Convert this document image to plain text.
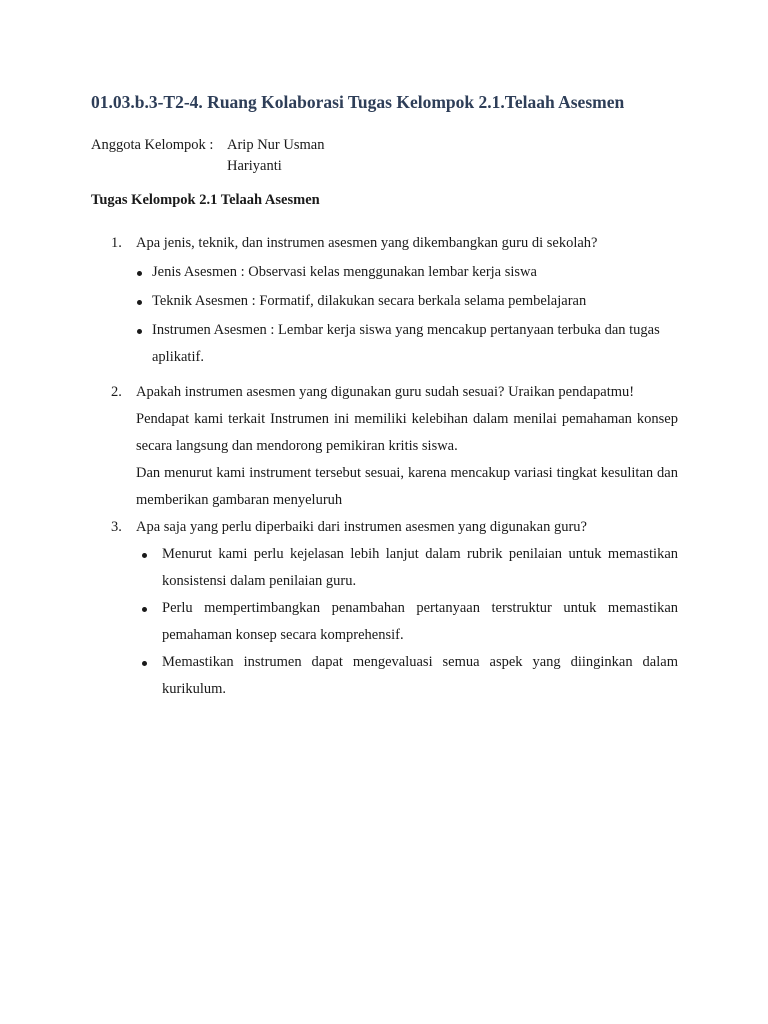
01.03.b.3-T2-4. Ruang Kolaborasi Tugas Kelompok 2.1.Telaah Asesmen
Anggota Kelompok : Arip Nur Usman
Hariyanti
Tugas Kelompok 2.1 Telaah Asesmen
1. Apa jenis, teknik, dan instrumen asesmen yang dikembangkan guru di sekolah?
Jenis Asesmen : Observasi kelas menggunakan lembar kerja siswa
Teknik Asesmen : Formatif, dilakukan secara berkala selama pembelajaran
Instrumen Asesmen : Lembar kerja siswa yang mencakup pertanyaan terbuka dan tugas aplikatif.
2. Apakah instrumen asesmen yang digunakan guru sudah sesuai? Uraikan pendapatmu!
Pendapat kami terkait Instrumen ini memiliki kelebihan dalam menilai pemahaman konsep secara langsung dan mendorong pemikiran kritis siswa.
Dan menurut kami instrument tersebut sesuai, karena mencakup variasi tingkat kesulitan dan memberikan gambaran menyeluruh
3. Apa saja yang perlu diperbaiki dari instrumen asesmen yang digunakan guru?
Menurut kami perlu kejelasan lebih lanjut dalam rubrik penilaian untuk memastikan konsistensi dalam penilaian guru.
Perlu mempertimbangkan penambahan pertanyaan terstruktur untuk memastikan pemahaman konsep secara komprehensif.
Memastikan instrumen dapat mengevaluasi semua aspek yang diinginkan dalam kurikulum.
